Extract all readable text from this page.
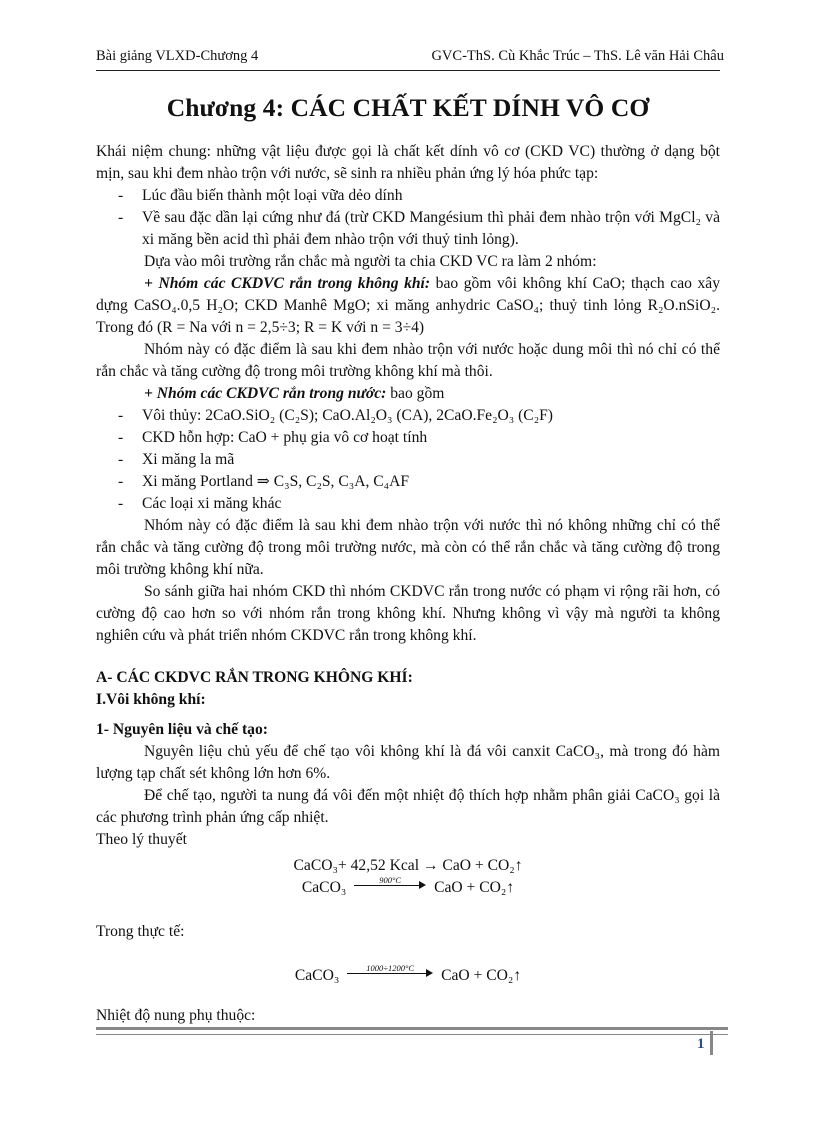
Bài giảng VLXD-Chương 4	GVC-ThS. Cù Khắc Trúc – ThS. Lê văn Hải Châu
Chương 4: CÁC CHẤT KẾT DÍNH VÔ CƠ

Khái niệm chung: những vật liệu được gọi là chất kết dính vô cơ (CKD VC) thường ở dạng bột mịn, sau khi đem nhào trộn với nước, sẽ sinh ra nhiều phản ứng lý hóa phức tạp:

-	Lúc đầu biến thành một loại vữa dẻo dính
-	Về sau đặc dần lại cứng như đá (trừ CKD Mangésium thì phải đem nhào trộn với MgCl₂ và xi măng bền acid thì phải đem nhào trộn với thuỷ tinh lỏng).

Dựa vào môi trường rắn chắc mà người ta chia CKD VC ra làm 2 nhóm:

+ Nhóm các CKDVC rắn trong không khí: bao gồm vôi không khí CaO; thạch cao xây dựng CaSO₄.0,5 H₂O; CKD Manhê MgO; xi măng anhydric CaSO₄; thuỷ tinh lỏng R₂O.nSiO₂. Trong đó (R = Na với n = 2,5÷3; R = K với n = 3÷4)

Nhóm này có đặc điểm là sau khi đem nhào trộn với nước hoặc dung môi thì nó chỉ có thể rắn chắc và tăng cường độ trong môi trường không khí mà thôi.

+ Nhóm các CKDVC rắn trong nước: bao gồm

-	Vôi thủy: 2CaO.SiO₂ (C₂S); CaO.Al₂O₃ (CA), 2CaO.Fe₂O₃ (C₂F)
-	CKD hỗn hợp: CaO + phụ gia vô cơ hoạt tính
-	Xi măng la mã
-	Xi măng Portland ⇒ C₃S, C₂S, C₃A, C₄AF
-	Các loại xi măng khác

Nhóm này có đặc điểm là sau khi đem nhào trộn với nước thì nó không những chỉ có thể rắn chắc và tăng cường độ trong môi trường nước, mà còn có thể rắn chắc và tăng cường độ trong môi trường không khí nữa.

So sánh giữa hai nhóm CKD thì nhóm CKDVC rắn trong nước có phạm vi rộng rãi hơn, có cường độ cao hơn so với nhóm rắn trong không khí. Nhưng không vì vậy mà người ta không nghiên cứu và phát triển nhóm CKDVC rắn trong không khí.

A- CÁC CKDVC RẮN TRONG KHÔNG KHÍ:

I.Vôi không khí:

1- Nguyên liệu và chế tạo:

Nguyên liệu chủ yếu để chế tạo vôi không khí là đá vôi canxit CaCO₃, mà trong đó hàm lượng tạp chất sét không lớn hơn 6%.

Để chế tạo, người ta nung đá vôi đến một nhiệt độ thích hợp nhằm phân giải CaCO₃ gọi là các phương trình phản ứng cấp nhiệt.

Theo lý thuyết

CaCO₃+ 42,52 Kcal → CaO + CO₂↑
CaCO₃	900°C	CaO + CO₂↑

Trong thực tế:

CaCO₃	1000÷1200°C	CaO + CO₂↑

Nhiệt độ nung phụ thuộc:

1
